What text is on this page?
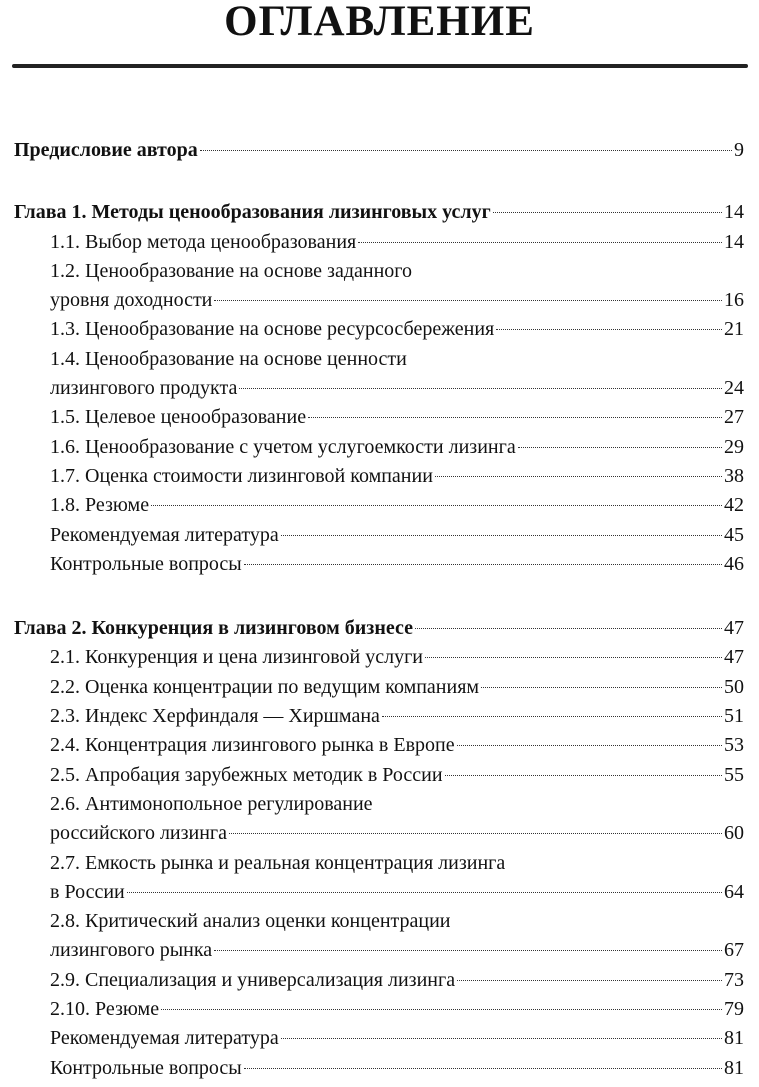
ОГЛАВЛЕНИЕ
Предисловие автора	9
Глава 1. Методы ценообразования лизинговых услуг	14
1.1. Выбор метода ценообразования	14
1.2. Ценообразование на основе заданного
уровня доходности	16
1.3. Ценообразование на основе ресурсосбережения	21
1.4. Ценообразование на основе ценности
лизингового продукта	24
1.5. Целевое ценообразование	27
1.6. Ценообразование с учетом услугоемкости лизинга	29
1.7. Оценка стоимости лизинговой компании	38
1.8. Резюме	42
Рекомендуемая литература	45
Контрольные вопросы	46
Глава 2. Конкуренция в лизинговом бизнесе	47
2.1. Конкуренция и цена лизинговой услуги	47
2.2. Оценка концентрации по ведущим компаниям	50
2.3. Индекс Херфиндаля — Хиршмана	51
2.4. Концентрация лизингового рынка в Европе	53
2.5. Апробация зарубежных методик в России	55
2.6. Антимонопольное регулирование
российского лизинга	60
2.7. Емкость рынка и реальная концентрация лизинга
в России	64
2.8. Критический анализ оценки концентрации
лизингового рынка	67
2.9. Специализация и универсализация лизинга	73
2.10. Резюме	79
Рекомендуемая литература	81
Контрольные вопросы	81
